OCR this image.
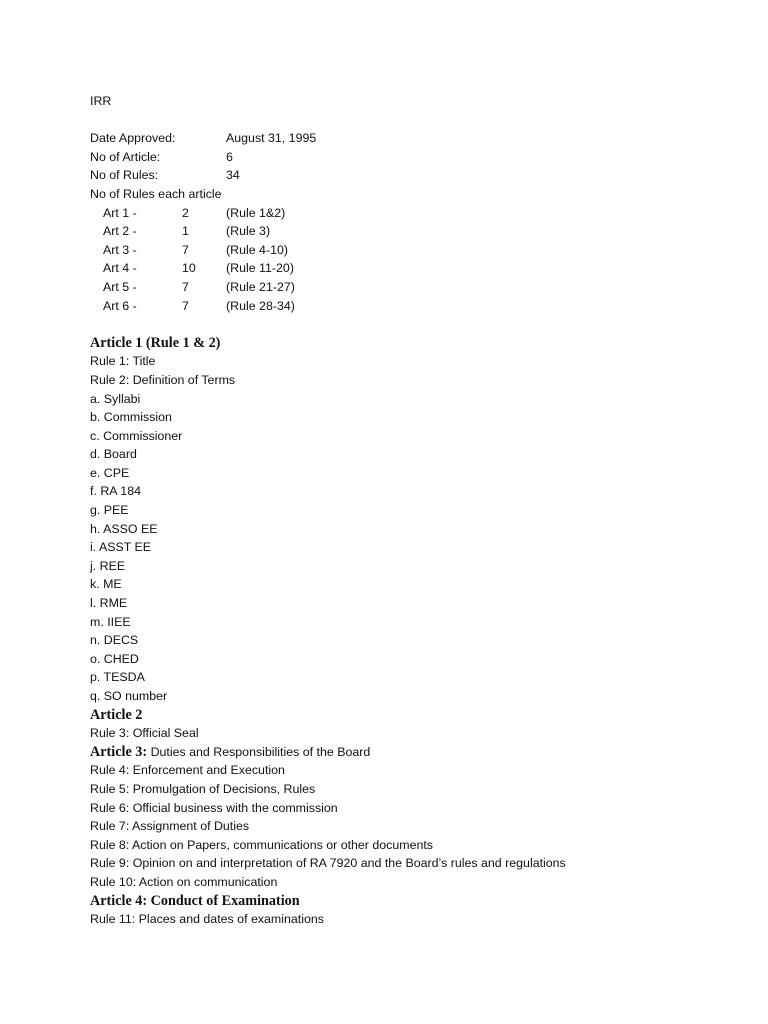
IRR
Date Approved:	August 31, 1995
No of Article:	6
No of Rules:	34
No of Rules each article
Art 1 -	2	(Rule 1&2)
Art 2 -	1	(Rule 3)
Art 3 -	7	(Rule 4-10)
Art 4 -	10	(Rule 11-20)
Art 5 -	7	(Rule 21-27)
Art 6 -	7	(Rule 28-34)
Article 1 (Rule 1 & 2)
Rule 1: Title
Rule 2: Definition of Terms
a. Syllabi
b. Commission
c. Commissioner
d. Board
e. CPE
f. RA 184
g. PEE
h. ASSO EE
i. ASST EE
j. REE
k. ME
l. RME
m. IIEE
n. DECS
o. CHED
p. TESDA
q. SO number
Article 2
Rule 3: Official Seal
Article 3: Duties and Responsibilities of the Board
Rule 4: Enforcement and Execution
Rule 5: Promulgation of Decisions, Rules
Rule 6: Official business with the commission
Rule 7: Assignment of Duties
Rule 8: Action on Papers, communications or other documents
Rule 9: Opinion on and interpretation of RA 7920 and the Board’s rules and regulations
Rule 10: Action on communication
Article 4: Conduct of Examination
Rule 11: Places and dates of examinations
